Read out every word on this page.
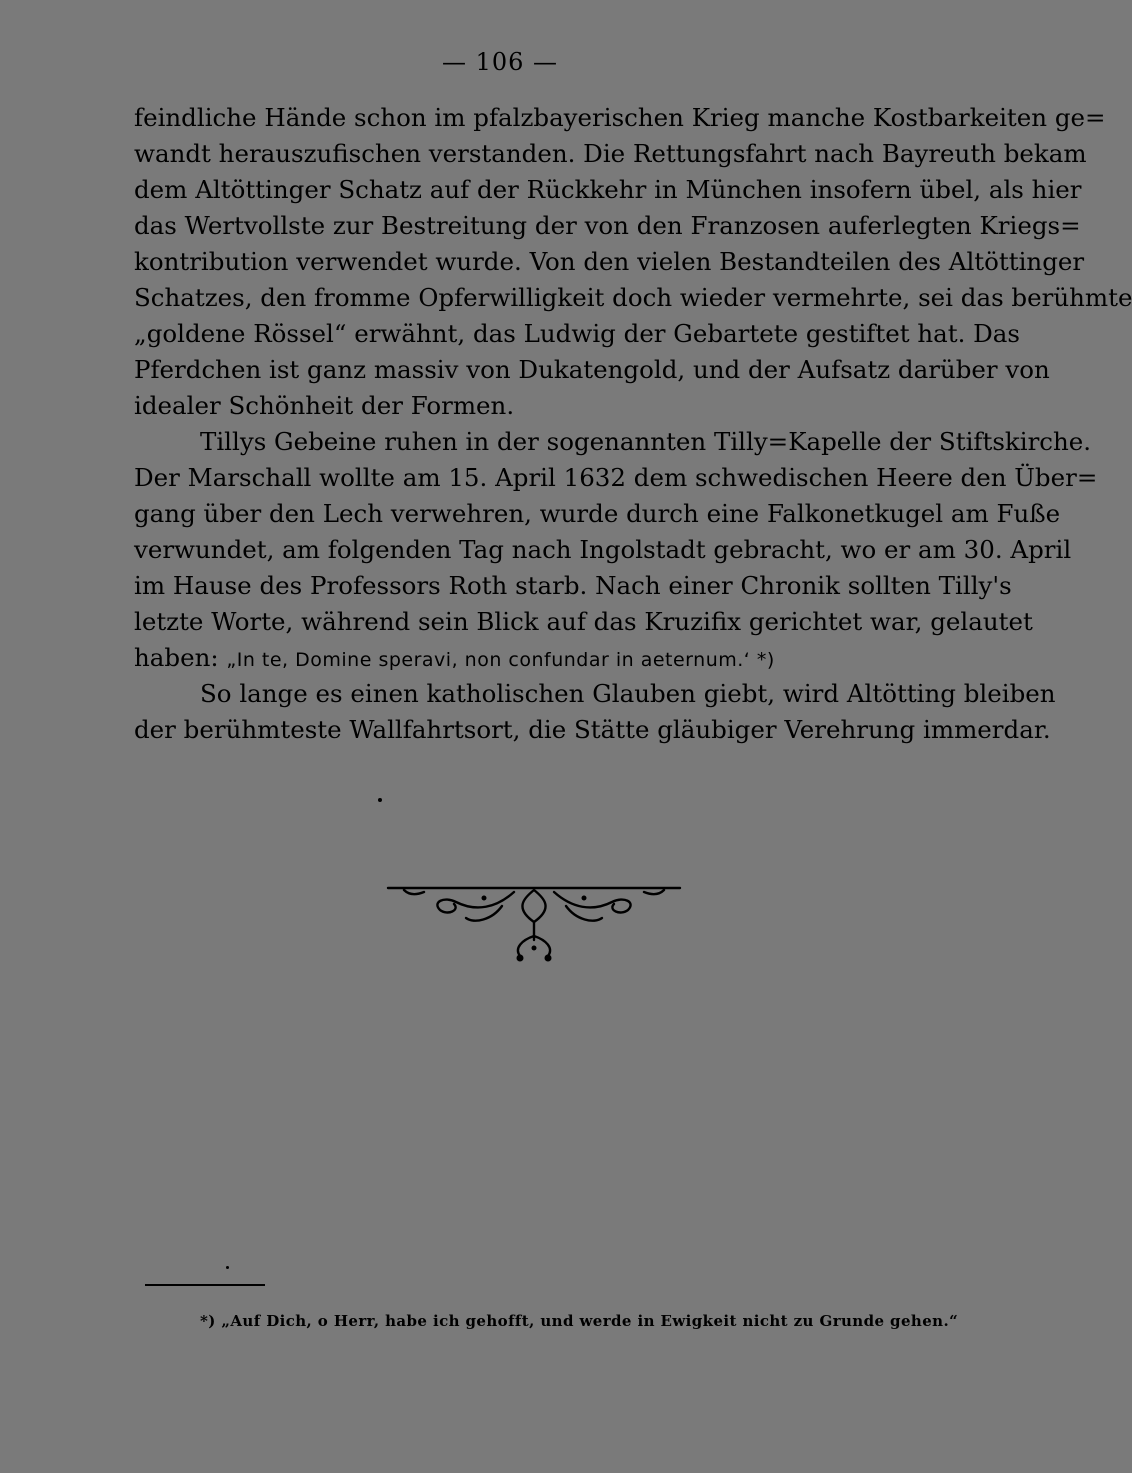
— 106 —
feindliche Hände schon im pfalzbayerischen Krieg manche Kostbarkeiten ge=
wandt herauszufischen verstanden. Die Rettungsfahrt nach Bayreuth bekam
dem Altöttinger Schatz auf der Rückkehr in München insofern übel, als hier
das Wertvollste zur Bestreitung der von den Franzosen auferlegten Kriegs=
kontribution verwendet wurde. Von den vielen Bestandteilen des Altöttinger
Schatzes, den fromme Opferwilligkeit doch wieder vermehrte, sei das berühmte
„goldene Rössel“ erwähnt, das Ludwig der Gebartete gestiftet hat. Das
Pferdchen ist ganz massiv von Dukatengold, und der Aufsatz darüber von
idealer Schönheit der Formen.
Tillys Gebeine ruhen in der sogenannten Tilly=Kapelle der Stiftskirche.
Der Marschall wollte am 15. April 1632 dem schwedischen Heere den Über=
gang über den Lech verwehren, wurde durch eine Falkonetkugel am Fuße
verwundet, am folgenden Tag nach Ingolstadt gebracht, wo er am 30. April
im Hause des Professors Roth starb. Nach einer Chronik sollten Tilly's
letzte Worte, während sein Blick auf das Kruzifix gerichtet war, gelautet
haben: „In te, Domine speravi, non confundar in aeternum.‘ *)
So lange es einen katholischen Glauben giebt, wird Altötting bleiben
der berühmteste Wallfahrtsort, die Stätte gläubiger Verehrung immerdar.
*) „Auf Dich, o Herr, habe ich gehofft, und werde in Ewigkeit nicht zu Grunde gehen.“
